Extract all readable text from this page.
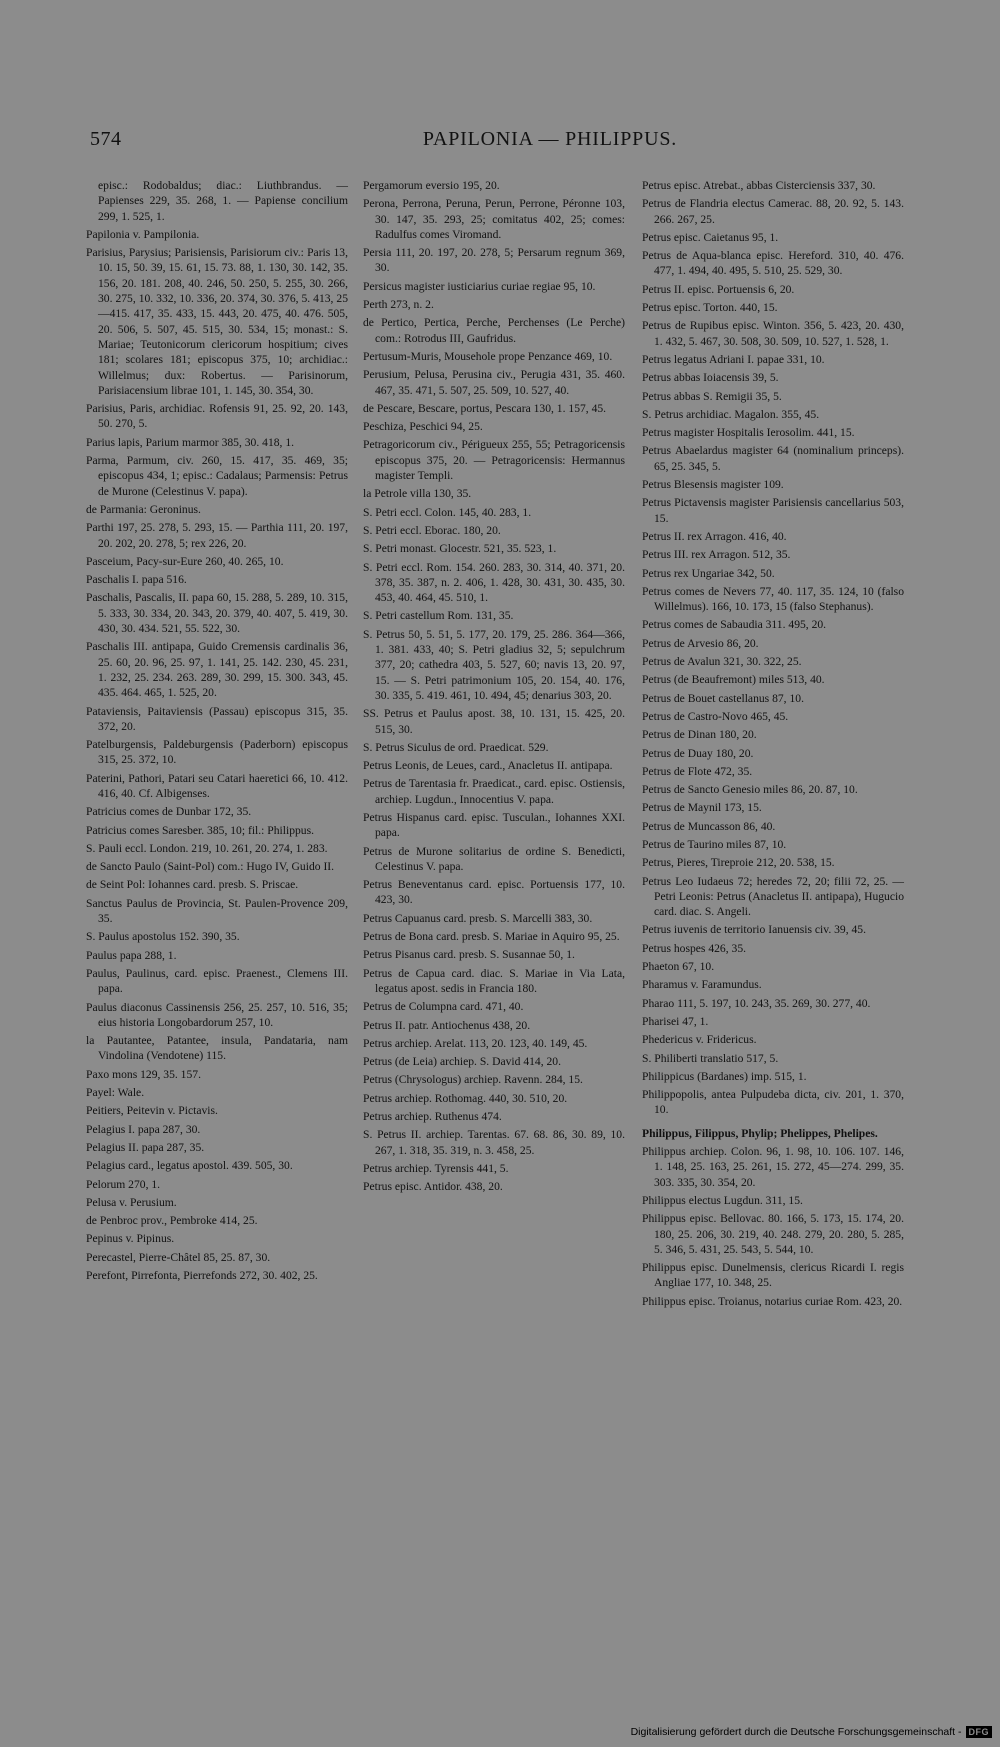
574	PAPILONIA — PHILIPPUS.

episc.: Rodobaldus; diac.: Liuthbrandus. — Papienses 229, 35. 268, 1. — Papiense concilium 299, 1. 525, 1.

Papilonia v. Pampilonia.

Parisius, Parysius; Parisiensis, Parisiorum civ.: Paris 13, 10. 15, 50. 39, 15. 61, 15. 73. 88, 1. 130, 30. 142, 35. 156, 20. 181. 208, 40. 246, 50. 250, 5. 255, 30. 266, 30. 275, 10. 332, 10. 336, 20. 374, 30. 376, 5. 413, 25—415. 417, 35. 433, 15. 443, 20. 475, 40. 476. 505, 20. 506, 5. 507, 45. 515, 30. 534, 15; monast.: S. Mariae; Teutonicorum clericorum hospitium; cives 181; scolares 181; episcopus 375, 10; archidiac.: Willelmus; dux: Robertus. — Parisinorum, Parisiacensium librae 101, 1. 145, 30. 354, 30.

Parisius, Paris, archidiac. Rofensis 91, 25. 92, 20. 143, 50. 270, 5.

Parius lapis, Parium marmor 385, 30. 418, 1.

Parma, Parmum, civ. 260, 15. 417, 35. 469, 35; episcopus 434, 1; episc.: Cadalaus; Parmensis: Petrus de Murone (Celestinus V. papa).

de Parmania: Geroninus.

Parthi 197, 25. 278, 5. 293, 15. — Parthia 111, 20. 197, 20. 202, 20. 278, 5; rex 226, 20.

Pasceium, Pacy-sur-Eure 260, 40. 265, 10.

Paschalis I. papa 516.

Paschalis, Pascalis, II. papa 60, 15. 288, 5. 289, 10. 315, 5. 333, 30. 334, 20. 343, 20. 379, 40. 407, 5. 419, 30. 430, 30. 434. 521, 55. 522, 30.

Paschalis III. antipapa, Guido Cremensis cardinalis 36, 25. 60, 20. 96, 25. 97, 1. 141, 25. 142. 230, 45. 231, 1. 232, 25. 234. 263. 289, 30. 299, 15. 300. 343, 45. 435. 464. 465, 1. 525, 20.

Pataviensis, Paitaviensis (Passau) episcopus 315, 35. 372, 20.

Patelburgensis, Paldeburgensis (Paderborn) episcopus 315, 25. 372, 10.

Paterini, Pathori, Patari seu Catari haeretici 66, 10. 412. 416, 40. Cf. Albigenses.

Patricius comes de Dunbar 172, 35.

Patricius comes Saresber. 385, 10; fil.: Philippus.

S. Pauli eccl. London. 219, 10. 261, 20. 274, 1. 283.

de Sancto Paulo (Saint-Pol) com.: Hugo IV, Guido II.

de Seint Pol: Iohannes card. presb. S. Priscae.

Sanctus Paulus de Provincia, St. Paulen-Provence 209, 35.

S. Paulus apostolus 152. 390, 35.

Paulus papa 288, 1.

Paulus, Paulinus, card. episc. Praenest., Clemens III. papa.

Paulus diaconus Cassinensis 256, 25. 257, 10. 516, 35; eius historia Longobardorum 257, 10.

la Pautantee, Patantee, insula, Pandataria, nam Vindolina (Vendotene) 115.

Paxo mons 129, 35. 157.

Payel: Wale.

Peitiers, Peitevin v. Pictavis.

Pelagius I. papa 287, 30.

Pelagius II. papa 287, 35.

Pelagius card., legatus apostol. 439. 505, 30.

Pelorum 270, 1.

Pelusa v. Perusium.

de Penbroc prov., Pembroke 414, 25.

Pepinus v. Pipinus.

Perecastel, Pierre-Châtel 85, 25. 87, 30.

Perefont, Pirrefonta, Pierrefonds 272, 30. 402, 25.

Pergamorum eversio 195, 20.

Perona, Perrona, Peruna, Perun, Perrone, Péronne 103, 30. 147, 35. 293, 25; comitatus 402, 25; comes: Radulfus comes Viromand.

Persia 111, 20. 197, 20. 278, 5; Persarum regnum 369, 30.

Persicus magister iusticiarius curiae regiae 95, 10.

Perth 273, n. 2.

de Pertico, Pertica, Perche, Perchenses (Le Perche) com.: Rotrodus III, Gaufridus.

Pertusum-Muris, Mousehole prope Penzance 469, 10.

Perusium, Pelusa, Perusina civ., Perugia 431, 35. 460. 467, 35. 471, 5. 507, 25. 509, 10. 527, 40.

de Pescare, Bescare, portus, Pescara 130, 1. 157, 45.

Peschiza, Peschici 94, 25.

Petragoricorum civ., Périgueux 255, 55; Petragoricensis episcopus 375, 20. — Petragoricensis: Hermannus magister Templi.

la Petrole villa 130, 35.

S. Petri eccl. Colon. 145, 40. 283, 1.

S. Petri eccl. Eborac. 180, 20.

S. Petri monast. Glocestr. 521, 35. 523, 1.

S. Petri eccl. Rom. 154. 260. 283, 30. 314, 40. 371, 20. 378, 35. 387, n. 2. 406, 1. 428, 30. 431, 30. 435, 30. 453, 40. 464, 45. 510, 1.

S. Petri castellum Rom. 131, 35.

S. Petrus 50, 5. 51, 5. 177, 20. 179, 25. 286. 364—366, 1. 381. 433, 40; S. Petri gladius 32, 5; sepulchrum 377, 20; cathedra 403, 5. 527, 60; navis 13, 20. 97, 15. — S. Petri patrimonium 105, 20. 154, 40. 176, 30. 335, 5. 419. 461, 10. 494, 45; denarius 303, 20.

SS. Petrus et Paulus apost. 38, 10. 131, 15. 425, 20. 515, 30.

S. Petrus Siculus de ord. Praedicat. 529.

Petrus Leonis, de Leues, card., Anacletus II. antipapa.

Petrus de Tarentasia fr. Praedicat., card. episc. Ostiensis, archiep. Lugdun., Innocentius V. papa.

Petrus Hispanus card. episc. Tusculan., Iohannes XXI. papa.

Petrus de Murone solitarius de ordine S. Benedicti, Celestinus V. papa.

Petrus Beneventanus card. episc. Portuensis 177, 10. 423, 30.

Petrus Capuanus card. presb. S. Marcelli 383, 30.

Petrus de Bona card. presb. S. Mariae in Aquiro 95, 25.

Petrus Pisanus card. presb. S. Susannae 50, 1.

Petrus de Capua card. diac. S. Mariae in Via Lata, legatus apost. sedis in Francia 180.

Petrus de Columpna card. 471, 40.

Petrus II. patr. Antiochenus 438, 20.

Petrus archiep. Arelat. 113, 20. 123, 40. 149, 45.

Petrus (de Leia) archiep. S. David 414, 20.

Petrus (Chrysologus) archiep. Ravenn. 284, 15.

Petrus archiep. Rothomag. 440, 30. 510, 20.

Petrus archiep. Ruthenus 474.

S. Petrus II. archiep. Tarentas. 67. 68. 86, 30. 89, 10. 267, 1. 318, 35. 319, n. 3. 458, 25.

Petrus archiep. Tyrensis 441, 5.

Petrus episc. Antidor. 438, 20.

Petrus episc. Atrebat., abbas Cisterciensis 337, 30.

Petrus de Flandria electus Camerac. 88, 20. 92, 5. 143. 266. 267, 25.

Petrus episc. Caietanus 95, 1.

Petrus de Aqua-blanca episc. Hereford. 310, 40. 476. 477, 1. 494, 40. 495, 5. 510, 25. 529, 30.

Petrus II. episc. Portuensis 6, 20.

Petrus episc. Torton. 440, 15.

Petrus de Rupibus episc. Winton. 356, 5. 423, 20. 430, 1. 432, 5. 467, 30. 508, 30. 509, 10. 527, 1. 528, 1.

Petrus legatus Adriani I. papae 331, 10.

Petrus abbas Ioiacensis 39, 5.

Petrus abbas S. Remigii 35, 5.

S. Petrus archidiac. Magalon. 355, 45.

Petrus magister Hospitalis Ierosolim. 441, 15.

Petrus Abaelardus magister 64 (nominalium princeps). 65, 25. 345, 5.

Petrus Blesensis magister 109.

Petrus Pictavensis magister Parisiensis cancellarius 503, 15.

Petrus II. rex Arragon. 416, 40.

Petrus III. rex Arragon. 512, 35.

Petrus rex Ungariae 342, 50.

Petrus comes de Nevers 77, 40. 117, 35. 124, 10 (falso Willelmus). 166, 10. 173, 15 (falso Stephanus).

Petrus comes de Sabaudia 311. 495, 20.

Petrus de Arvesio 86, 20.

Petrus de Avalun 321, 30. 322, 25.

Petrus (de Beaufremont) miles 513, 40.

Petrus de Bouet castellanus 87, 10.

Petrus de Castro-Novo 465, 45.

Petrus de Dinan 180, 20.

Petrus de Duay 180, 20.

Petrus de Flote 472, 35.

Petrus de Sancto Genesio miles 86, 20. 87, 10.

Petrus de Maynil 173, 15.

Petrus de Muncasson 86, 40.

Petrus de Taurino miles 87, 10.

Petrus, Pieres, Tireproie 212, 20. 538, 15.

Petrus Leo Iudaeus 72; heredes 72, 20; filii 72, 25. — Petri Leonis: Petrus (Anacletus II. antipapa), Hugucio card. diac. S. Angeli.

Petrus iuvenis de territorio Ianuensis civ. 39, 45.

Petrus hospes 426, 35.

Phaeton 67, 10.

Pharamus v. Faramundus.

Pharao 111, 5. 197, 10. 243, 35. 269, 30. 277, 40.

Pharisei 47, 1.

Phedericus v. Fridericus.

S. Philiberti translatio 517, 5.

Philippicus (Bardanes) imp. 515, 1.

Philippopolis, antea Pulpudeba dicta, civ. 201, 1. 370, 10.

Philippus, Filippus, Phylip; Phelippes, Phelipes.

Philippus archiep. Colon. 96, 1. 98, 10. 106. 107. 146, 1. 148, 25. 163, 25. 261, 15. 272, 45—274. 299, 35. 303. 335, 30. 354, 20.

Philippus electus Lugdun. 311, 15.

Philippus episc. Bellovac. 80. 166, 5. 173, 15. 174, 20. 180, 25. 206, 30. 219, 40. 248. 279, 20. 280, 5. 285, 5. 346, 5. 431, 25. 543, 5. 544, 10.

Philippus episc. Dunelmensis, clericus Ricardi I. regis Angliae 177, 10. 348, 25.

Philippus episc. Troianus, notarius curiae Rom. 423, 20.

Digitalisierung gefördert durch die Deutsche Forschungsgemeinschaft - DFG
